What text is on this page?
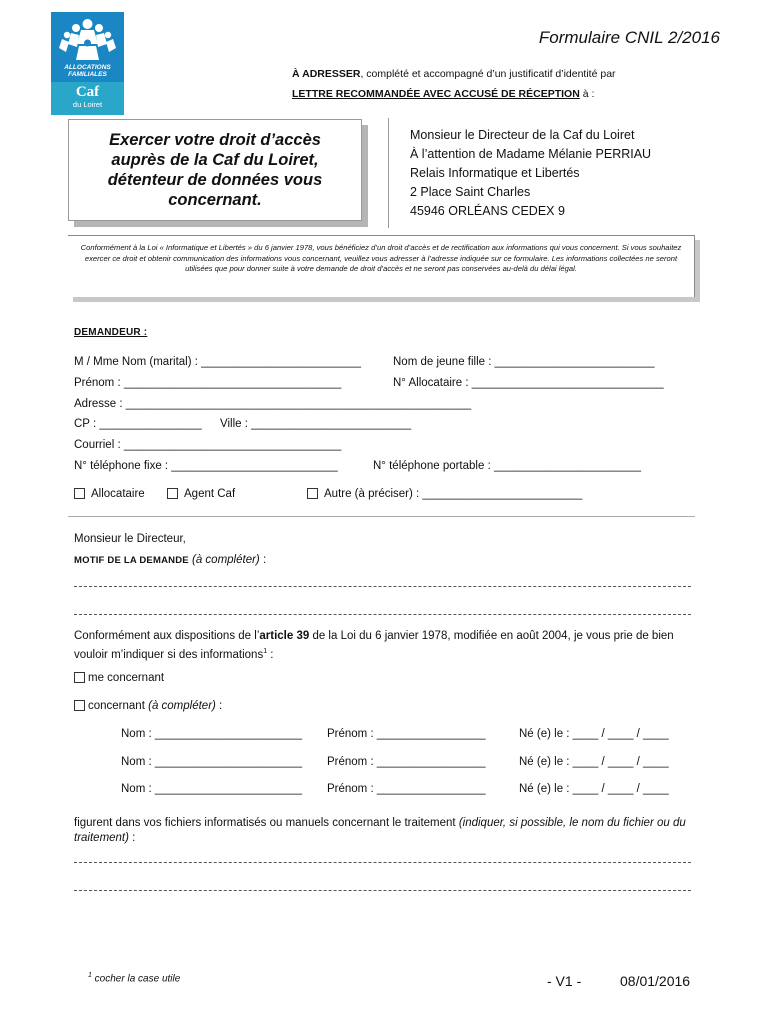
ALLOCATIONS
FAMILIALES
Caf
du Loiret
Formulaire CNIL 2/2016
À ADRESSER, complété et accompagné d’un justificatif d’identité par
LETTRE RECOMMANDÉE AVEC ACCUSÉ DE RÉCEPTION à :
Exercer votre droit d’accès auprès de la Caf du Loiret, détenteur de données vous concernant.
Monsieur le Directeur de la Caf du Loiret
À l’attention de Madame Mélanie PERRIAU
Relais Informatique et Libertés
2 Place Saint Charles
45946 ORLÉANS CEDEX 9
Conformément à la Loi « Informatique et Libertés » du 6 janvier 1978, vous bénéficiez d’un droit d’accès et de rectification aux informations qui vous concernent. Si vous souhaitez exercer ce droit et obtenir communication des informations vous concernant, veuillez vous adresser à l’adresse indiquée sur ce formulaire. Les informations collectées ne seront utilisées que pour donner suite à votre demande de droit d’accès et ne seront pas conservées au-delà du délai légal.
DEMANDEUR :
M / Mme Nom (marital) : _________________________	Nom de jeune fille : _________________________
Prénom : __________________________________	N° Allocataire : ______________________________
Adresse : ______________________________________________________
CP : ________________ Ville : _________________________
Courriel : __________________________________
N° téléphone fixe : __________________________	N° téléphone portable : _______________________
Allocataire	Agent Caf	Autre (à préciser) : _________________________
Monsieur le Directeur,
MOTIF DE LA DEMANDE (à compléter) :
Conformément aux dispositions de l’article 39 de la Loi du 6 janvier 1978, modifiée en août 2004, je vous prie de bien vouloir m’indiquer si des informations$^1$ :
me concernant
concernant (à compléter) :
Nom : _______________________ Prénom : _________________	Né (e) le : ____ / ____ / ____
Nom : _______________________ Prénom : _________________	Né (e) le : ____ / ____ / ____
Nom : _______________________ Prénom : _________________	Né (e) le : ____ / ____ / ____
figurent dans vos fichiers informatisés ou manuels concernant le traitement (indiquer, si possible, le nom du fichier ou du traitement) :
$^1$ cocher la case utile	- V1 -	08/01/2016
